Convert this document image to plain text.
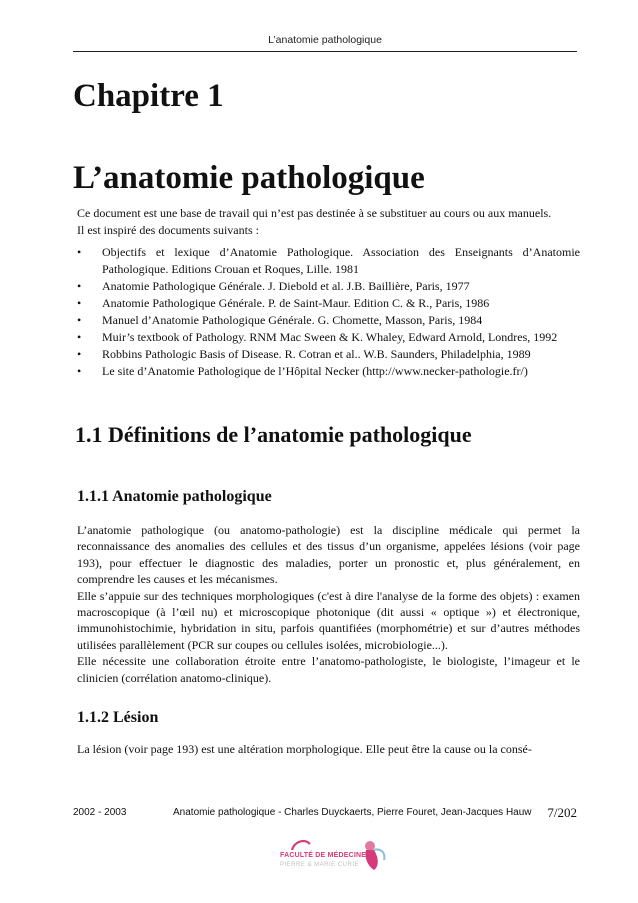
L’anatomie pathologique
Chapitre 1
L’anatomie pathologique

Ce document est une base de travail qui n’est pas destinée à se substituer au cours ou aux manuels.

Il est inspiré des documents suivants :

• Objectifs et lexique d’Anatomie Pathologique. Association des Enseignants d’Anatomie Pathologique. Editions Crouan et Roques, Lille. 1981
• Anatomie Pathologique Générale. J. Diebold et al. J.B. Baillière, Paris, 1977
• Anatomie Pathologique Générale. P. de Saint-Maur. Edition C. & R., Paris, 1986
• Manuel d’Anatomie Pathologique Générale. G. Chomette, Masson, Paris, 1984
• Muir’s textbook of Pathology. RNM Mac Sween & K. Whaley, Edward Arnold, Londres, 1992
• Robbins Pathologic Basis of Disease. R. Cotran et al.. W.B. Saunders, Philadelphia, 1989
• Le site d’Anatomie Pathologique de l’Hôpital Necker (http://www.necker-pathologie.fr/)
1.1 Définitions de l’anatomie pathologique
1.1.1 Anatomie pathologique

L’anatomie pathologique (ou anatomo-pathologie) est la discipline médicale qui permet la reconnaissance des anomalies des cellules et des tissus d’un organisme, appelées lésions (voir page 193), pour effectuer le diagnostic des maladies, porter un pronostic et, plus généralement, en comprendre les causes et les mécanismes.

Elle s’appuie sur des techniques morphologiques (c'est à dire l'analyse de la forme des objets) : examen macroscopique (à l’œil nu) et microscopique photonique (dit aussi « optique ») et électronique, immunohistochimie, hybridation in situ, parfois quantifiées (morphométrie) et sur d’autres méthodes utilisées parallèlement (PCR sur coupes ou cellules isolées, microbiologie...).

Elle nécessite une collaboration étroite entre l’anatomo-pathologiste, le biologiste, l’imageur et le clinicien (corrélation anatomo-clinique).

1.1.2 Lésion

La lésion (voir page 193) est une altération morphologique. Elle peut être la cause ou la consé-

2002 - 2003	Anatomie pathologique - Charles Duyckaerts, Pierre Fouret, Jean-Jacques Hauw 7/202
FACULTÉ DE MÉDECINE
PIERRE & MARIE CURIE
